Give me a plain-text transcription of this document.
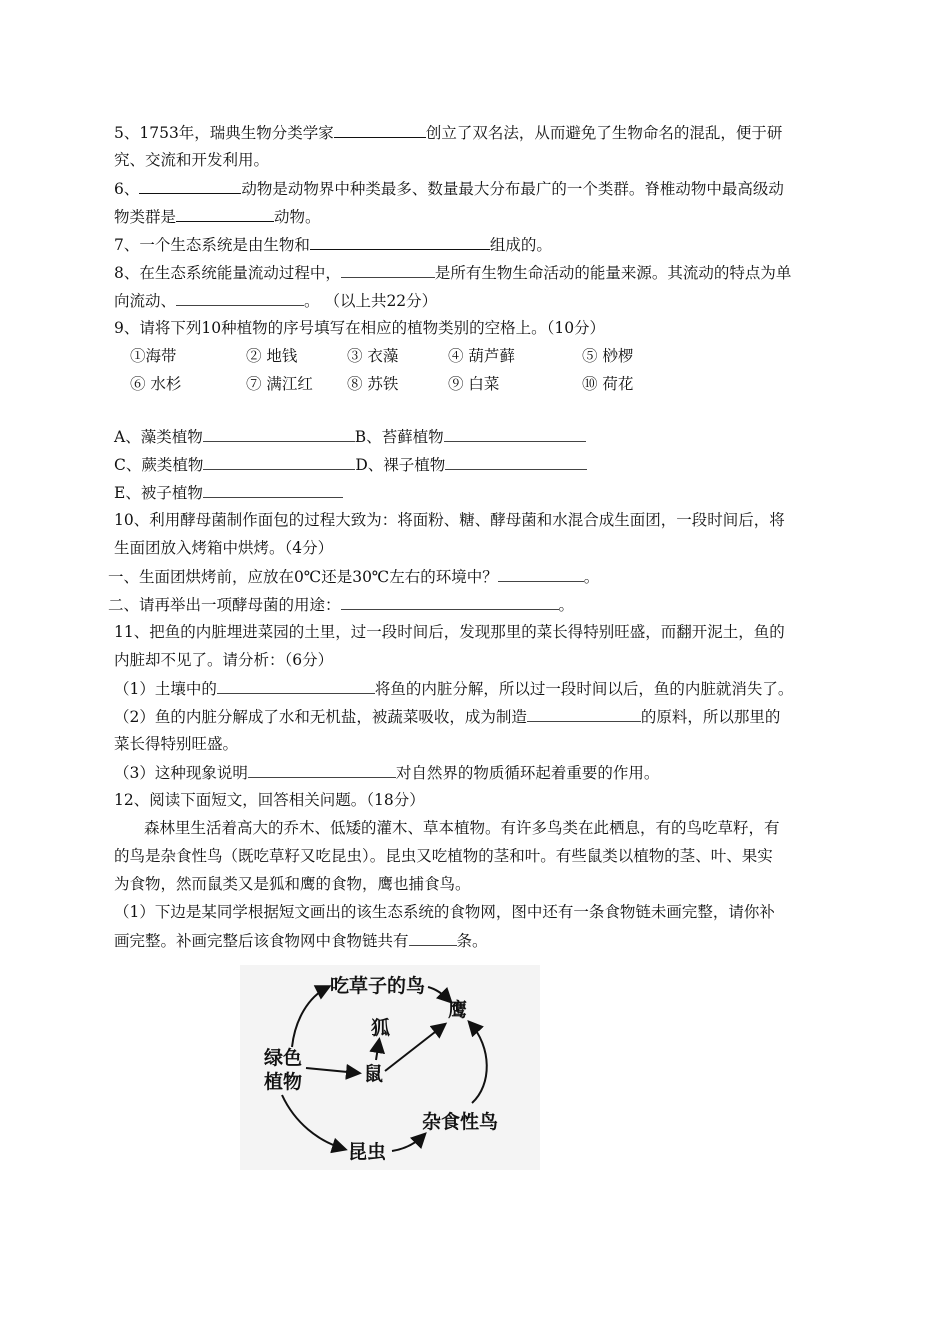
5、1753年，瑞典生物分类学家	创立了双名法，从而避免了生物命名的混乱，便于研
究、交流和开发利用。
6、	动物是动物界中种类最多、数量最大分布最广的一个类群。脊椎动物中最高级动
物类群是	动物。
7、一个生态系统是由生物和	组成的。
8、在生态系统能量流动过程中，	是所有生物生命活动的能量来源。其流动的特点为单
向流动、	。 （以上共22分）
9、请将下列10种植物的序号填写在相应的植物类别的空格上。（10分）
①海带	② 地钱	③ 衣藻	④ 葫芦藓	⑤ 桫椤
⑥ 水杉	⑦ 满江红 ⑧ 苏铁	⑨ 白菜	⑩ 荷花
A、藻类植物	B、苔藓植物
C、蕨类植物	D、裸子植物
E、被子植物
10、利用酵母菌制作面包的过程大致为：将面粉、糖、酵母菌和水混合成生面团，一段时间后，将
生面团放入烤箱中烘烤。（4分）
一、生面团烘烤前，应放在0℃还是30℃左右的环境中？	。
二、请再举出一项酵母菌的用途：	。
11、把鱼的内脏埋进菜园的土里，过一段时间后，发现那里的菜长得特别旺盛，而翻开泥土，鱼的
内脏却不见了。请分析：（6分）
（1）土壤中的	将鱼的内脏分解，所以过一段时间以后，鱼的内脏就消失了。
（2）鱼的内脏分解成了水和无机盐，被蔬菜吸收，成为制造	的原料，所以那里的
菜长得特别旺盛。
（3）这种现象说明	对自然界的物质循环起着重要的作用。
12、阅读下面短文，回答相关问题。（18分）
森林里生活着高大的乔木、低矮的灌木、草本植物。有许多鸟类在此栖息，有的鸟吃草籽，有
的鸟是杂食性鸟（既吃草籽又吃昆虫）。昆虫又吃植物的茎和叶。有些鼠类以植物的茎、叶、果实
为食物，然而鼠类又是狐和鹰的食物，鹰也捕食鸟。
（1）下边是某同学根据短文画出的该生态系统的食物网，图中还有一条食物链未画完整，请你补
画完整。补画完整后该食物网中食物链共有	条。
吃草子的鸟
鹰
狐
绿色
植物	鼠
杂食性鸟
昆虫
